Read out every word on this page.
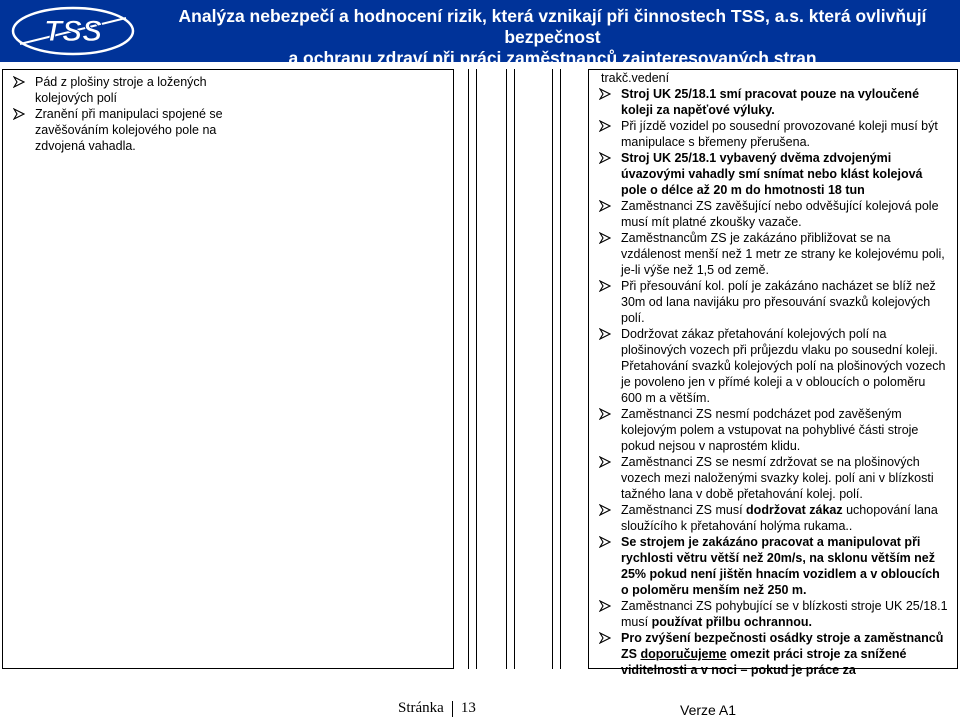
TSS	Analýza nebezpečí a hodnocení rizik, která vznikají při činnostech TSS, a.s. která ovlivňují bezpečnost
a ochranu zdraví při práci zaměstnanců zainteresovaných stran
Pád z plošiny stroje a ložených kolejových polí
Zranění při manipulaci spojené se zavěšováním kolejového pole na zdvojená vahadla.
trakč.vedení
Stroj UK 25/18.1 smí pracovat pouze na vyloučené koleji za napěťové výluky.
Při jízdě vozidel po sousední provozované koleji musí být manipulace s břemeny přerušena.
Stroj UK 25/18.1 vybavený dvěma zdvojenými úvazovými vahadly smí snímat nebo klást kolejová pole o délce až 20 m do hmotnosti 18 tun
Zaměstnanci ZS zavěšující nebo odvěšující kolejová pole musí mít platné zkoušky vazače.
Zaměstnancům ZS je zakázáno přibližovat se na vzdálenost menší než 1 metr ze strany ke kolejovému poli, je-li výše než 1,5 od země.
Při přesouvání kol. polí je zakázáno nacházet se blíž než 30m od lana navijáku pro přesouvání svazků kolejových polí.
Dodržovat zákaz přetahování kolejových polí na plošinových vozech při průjezdu vlaku po sousední koleji. Přetahování svazků kolejových polí na plošinových vozech je povoleno jen v přímé koleji a v obloucích o poloměru 600 m a větším.
Zaměstnanci ZS nesmí podcházet pod zavěšeným kolejovým polem a vstupovat na pohyblivé části stroje pokud nejsou v naprostém klidu.
Zaměstnanci ZS se nesmí zdržovat se na plošinových vozech mezi naloženými svazky kolej. polí ani v blízkosti tažného lana v době přetahování kolej. polí.
Zaměstnanci ZS musí dodržovat zákaz uchopování lana sloužícího k přetahování holýma rukama..
Se strojem je zakázáno pracovat a manipulovat při rychlosti větru větší než 20m/s, na sklonu větším než 25% pokud není jištěn hnacím vozidlem a v obloucích o poloměru menším než 250 m.
Zaměstnanci ZS pohybující se v blízkosti stroje UK 25/18.1 musí používat přilbu ochrannou.
Pro zvýšení bezpečnosti osádky stroje a zaměstnanců ZS doporučujeme omezit práci stroje za snížené viditelnosti a v noci – pokud je práce za
Stránka 13	Verze A1
